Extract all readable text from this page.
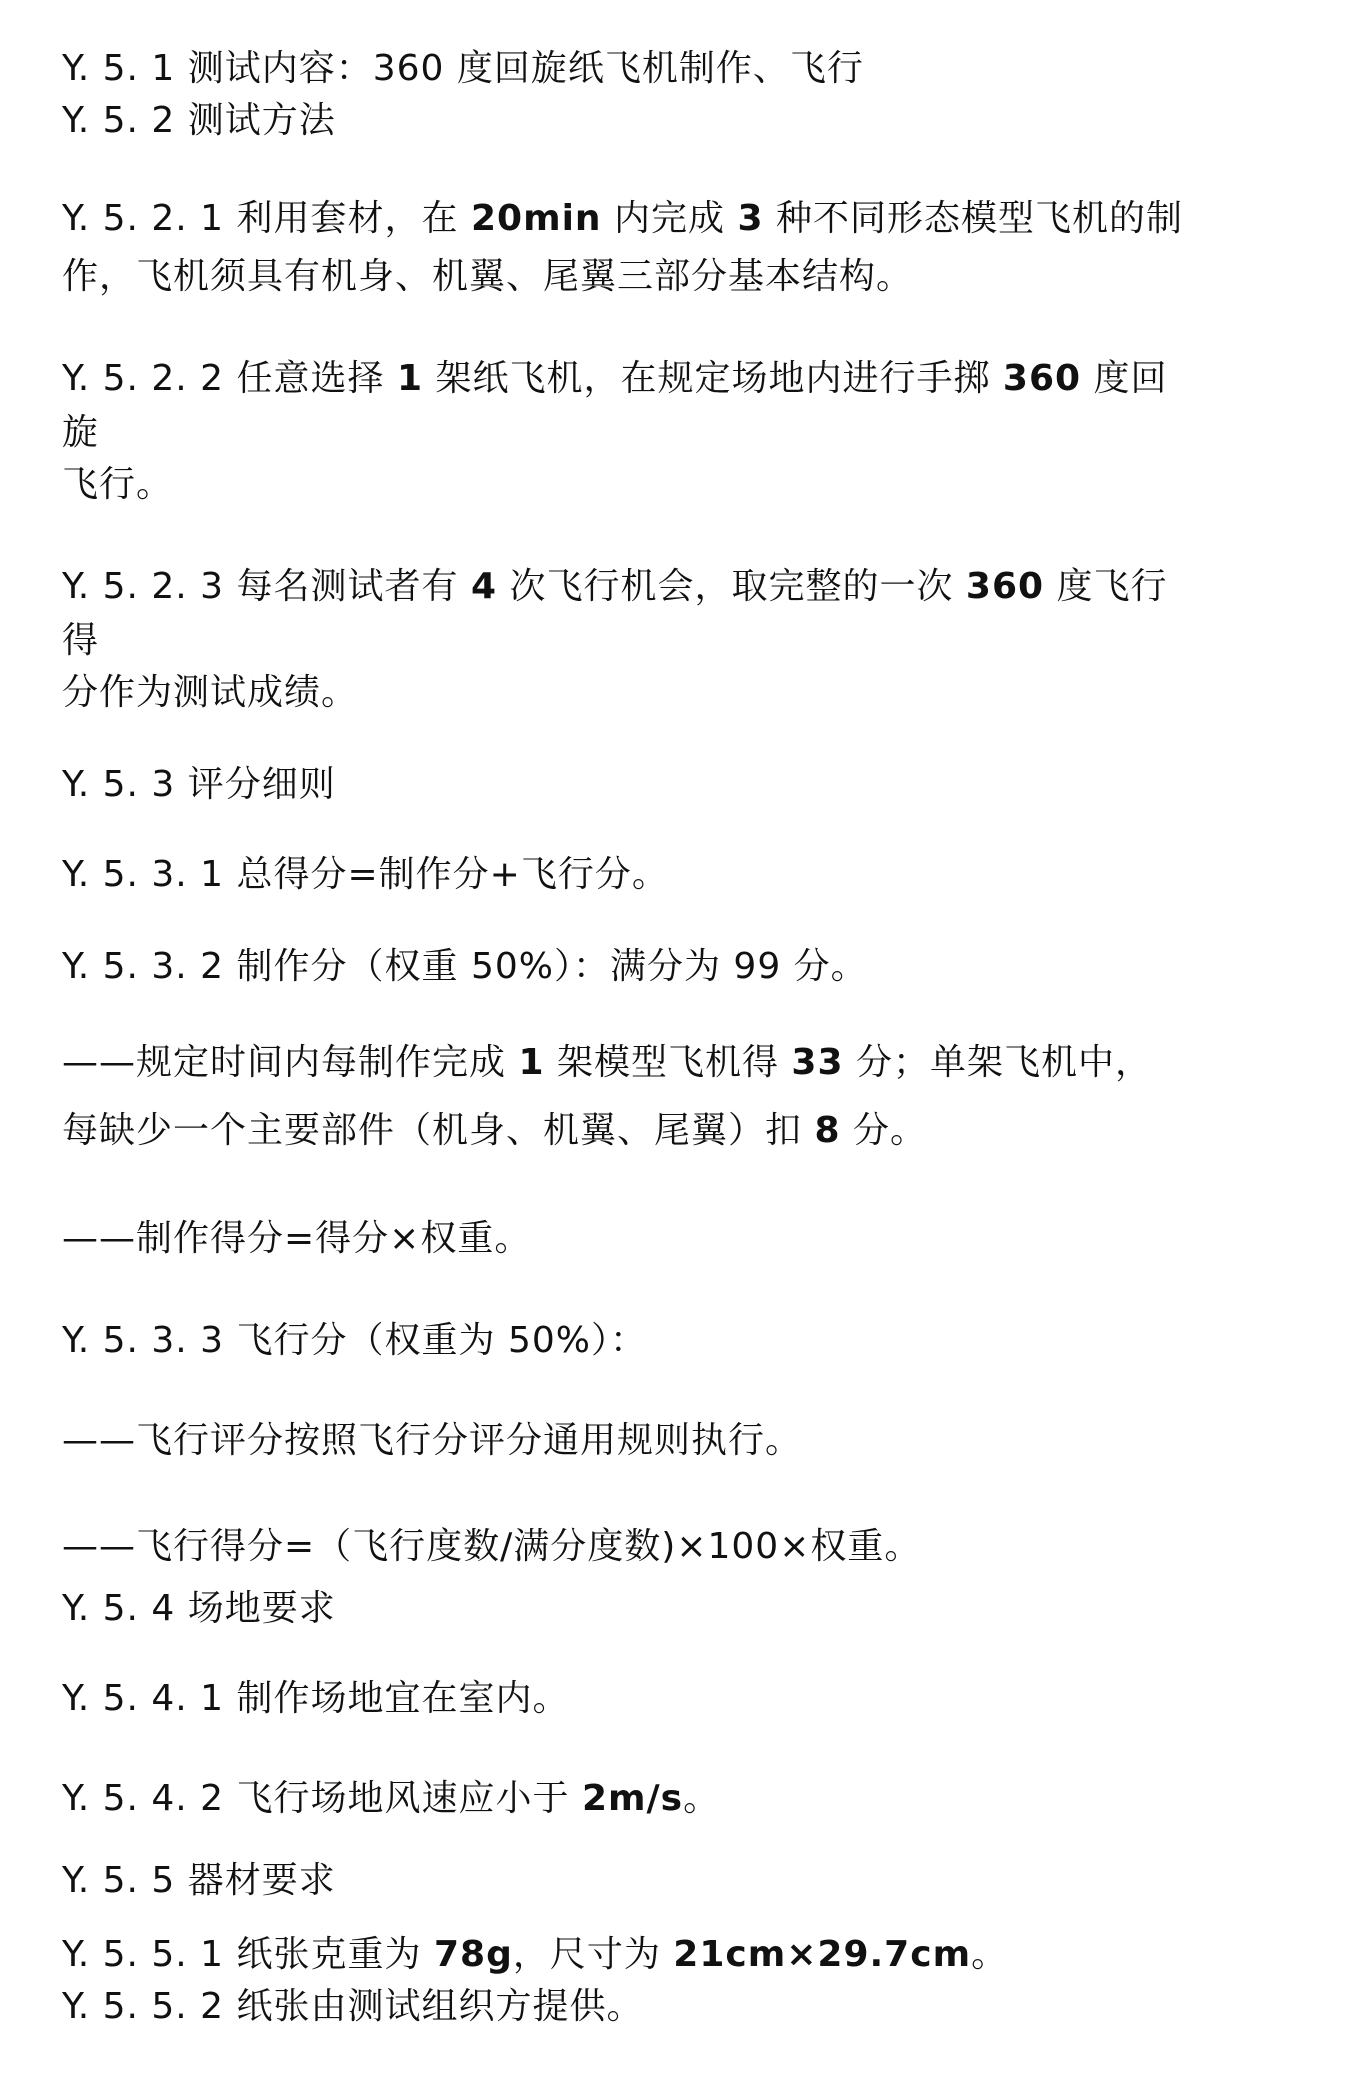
Y. 5. 1 测试内容：360 度回旋纸飞机制作、飞行
Y. 5. 2 测试方法
Y. 5. 2. 1 利用套材，在 20min 内完成 3 种不同形态模型飞机的制
作，飞机须具有机身、机翼、尾翼三部分基本结构。
Y. 5. 2. 2 任意选择 1 架纸飞机，在规定场地内进行手掷 360 度回
旋
飞行。
Y. 5. 2. 3 每名测试者有 4 次飞行机会，取完整的一次 360 度飞行
得
分作为测试成绩。
Y. 5. 3 评分细则
Y. 5. 3. 1 总得分=制作分+飞行分。
Y. 5. 3. 2 制作分（权重 50%）：满分为 99 分。
——规定时间内每制作完成 1 架模型飞机得 33 分；单架飞机中，
每缺少一个主要部件（机身、机翼、尾翼）扣 8 分。
——制作得分=得分×权重。
Y. 5. 3. 3 飞行分（权重为 50%）：
——飞行评分按照飞行分评分通用规则执行。
——飞行得分=（飞行度数/满分度数)×100×权重。
Y. 5. 4 场地要求
Y. 5. 4. 1 制作场地宜在室内。
Y. 5. 4. 2 飞行场地风速应小于 2m/s。
Y. 5. 5 器材要求
Y. 5. 5. 1 纸张克重为 78g，尺寸为 21cm×29.7cm。
Y. 5. 5. 2 纸张由测试组织方提供。
